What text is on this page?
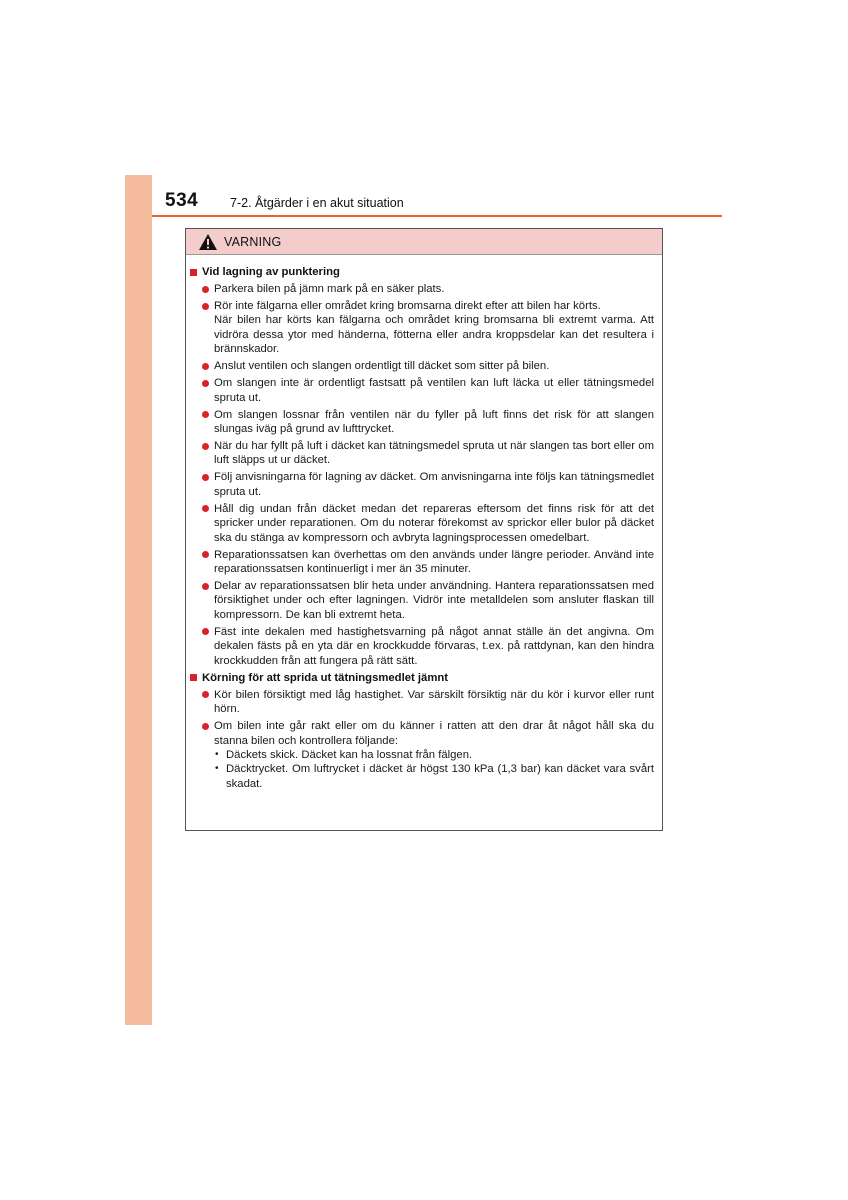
534	7-2. Åtgärder i en akut situation
VARNING
Vid lagning av punktering

Parkera bilen på jämn mark på en säker plats.

Rör inte fälgarna eller området kring bromsarna direkt efter att bilen har körts.

När bilen har körts kan fälgarna och området kring bromsarna bli extremt varma. Att vidröra dessa ytor med händerna, fötterna eller andra kroppsdelar kan det resultera i brännskador.

Anslut ventilen och slangen ordentligt till däcket som sitter på bilen.

Om slangen inte är ordentligt fastsatt på ventilen kan luft läcka ut eller tätningsmedel spruta ut.

Om slangen lossnar från ventilen när du fyller på luft finns det risk för att slangen slungas iväg på grund av lufttrycket.

När du har fyllt på luft i däcket kan tätningsmedel spruta ut när slangen tas bort eller om luft släpps ut ur däcket.

Följ anvisningarna för lagning av däcket. Om anvisningarna inte följs kan tätningsmedlet spruta ut.

Håll dig undan från däcket medan det repareras eftersom det finns risk för att det spricker under reparationen. Om du noterar förekomst av sprickor eller bulor på däcket ska du stänga av kompressorn och avbryta lagningsprocessen omedelbart.

Reparationssatsen kan överhettas om den används under längre perioder. Använd inte reparationssatsen kontinuerligt i mer än 35 minuter.

Delar av reparationssatsen blir heta under användning. Hantera reparationssatsen med försiktighet under och efter lagningen. Vidrör inte metalldelen som ansluter flaskan till kompressorn. De kan bli extremt heta.

Fäst inte dekalen med hastighetsvarning på något annat ställe än det angivna. Om dekalen fästs på en yta där en krockkudde förvaras, t.ex. på rattdynan, kan den hindra krockkudden från att fungera på rätt sätt.

Körning för att sprida ut tätningsmedlet jämnt

Kör bilen försiktigt med låg hastighet. Var särskilt försiktig när du kör i kurvor eller runt hörn.

Om bilen inte går rakt eller om du känner i ratten att den drar åt något håll ska du stanna bilen och kontrollera följande:

• Däckets skick. Däcket kan ha lossnat från fälgen.
• Däcktrycket. Om luftrycket i däcket är högst 130 kPa (1,3 bar) kan däcket vara svårt skadat.
